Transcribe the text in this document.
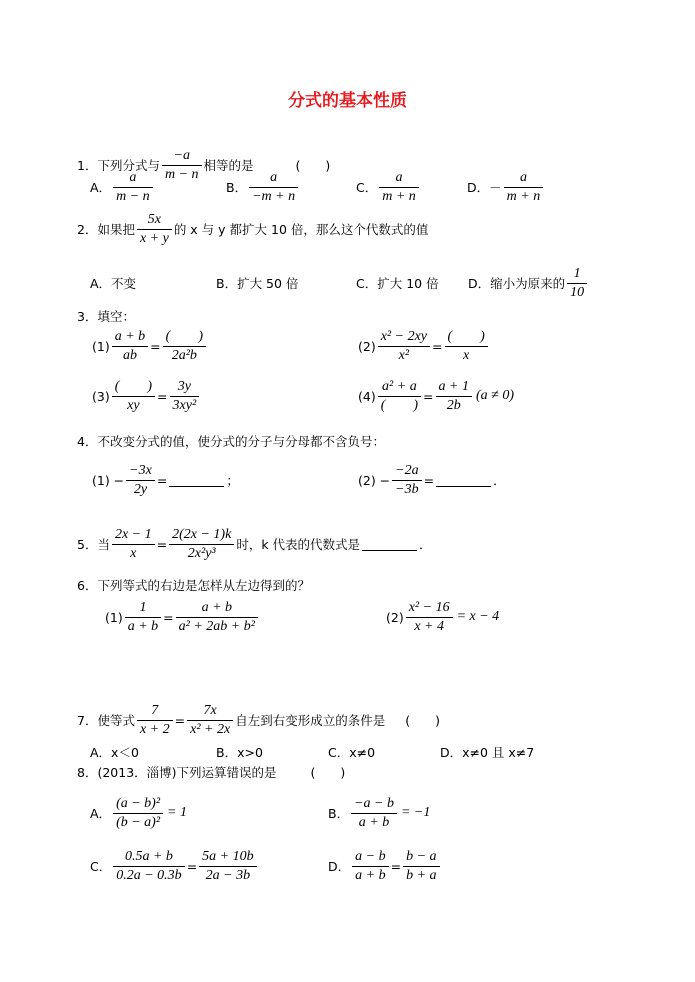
分式的基本性质
1．下列分式与 $\frac{-a}{m - n}$ 相等的是	(　　)
A． $\frac{a}{m - n}$	B． $\frac{a}{-m + n}$	C． $\frac{a}{m + n}$	D． － $\frac{a}{m + n}$
2．如果把 $\frac{5x}{x + y}$ 的 x 与 y 都扩大 10 倍，那么这个代数式的值
A．不变	B．扩大 50 倍	C．扩大 10 倍 D．缩小为原来的 $\frac{1}{10}$
3．填空：
$(1) \frac{a + b}{ab} = \frac{( )}{\text{2a²b}}$	$(2) \frac{\text{x² − 2xy}}{\text{x²}} = \frac{( )}{x}$
$(3) \frac{( )}{xy} = \frac{3y}{\text{3xy²}}$	$(4) \frac{\text{a² + a}}{( )} = \frac{a + 1}{2b} (a \ne 0)$
4．不改变分式的值，使分式的分子与分母都不含负号：
$(1) - \frac{-3x}{2y}$ =	；	$(2) - \frac{-2a}{-3b}$ =	．
5．当 $\frac{2x - 1}{x} = \frac{2(2x - 1)k}{\text{2x²y³}}$ 时，k 代表的代数式是	．
6．下列等式的右边是怎样从左边得到的？
$(1) \frac{1}{a + b} = \frac{a + b}{\text{a² + 2ab + b²}}$	$(2) \frac{\text{x² − 16}}{x + 4} = x - 4$
7．使等式 $\frac{7}{x + 2} = \frac{7x}{\text{x² + 2x}}$ 自左到右变形成立的条件是 (　　)
A．x＜0	B．x>0	C．x≠0	D．x≠0 且 x≠7
8．(2013．淄博)下列运算错误的是	(　　)
A． $\frac{\text{(a − b)²}}{\text{(b − a)²}} = 1$	B． $\frac{-a - b}{a + b} = -1$
C． $\frac{0.5a + b}{0.2a - 0.3b} = \frac{5a + 10b}{2a - 3b}$	D． $\frac{a - b}{a + b} = \frac{b - a}{b + a}$
